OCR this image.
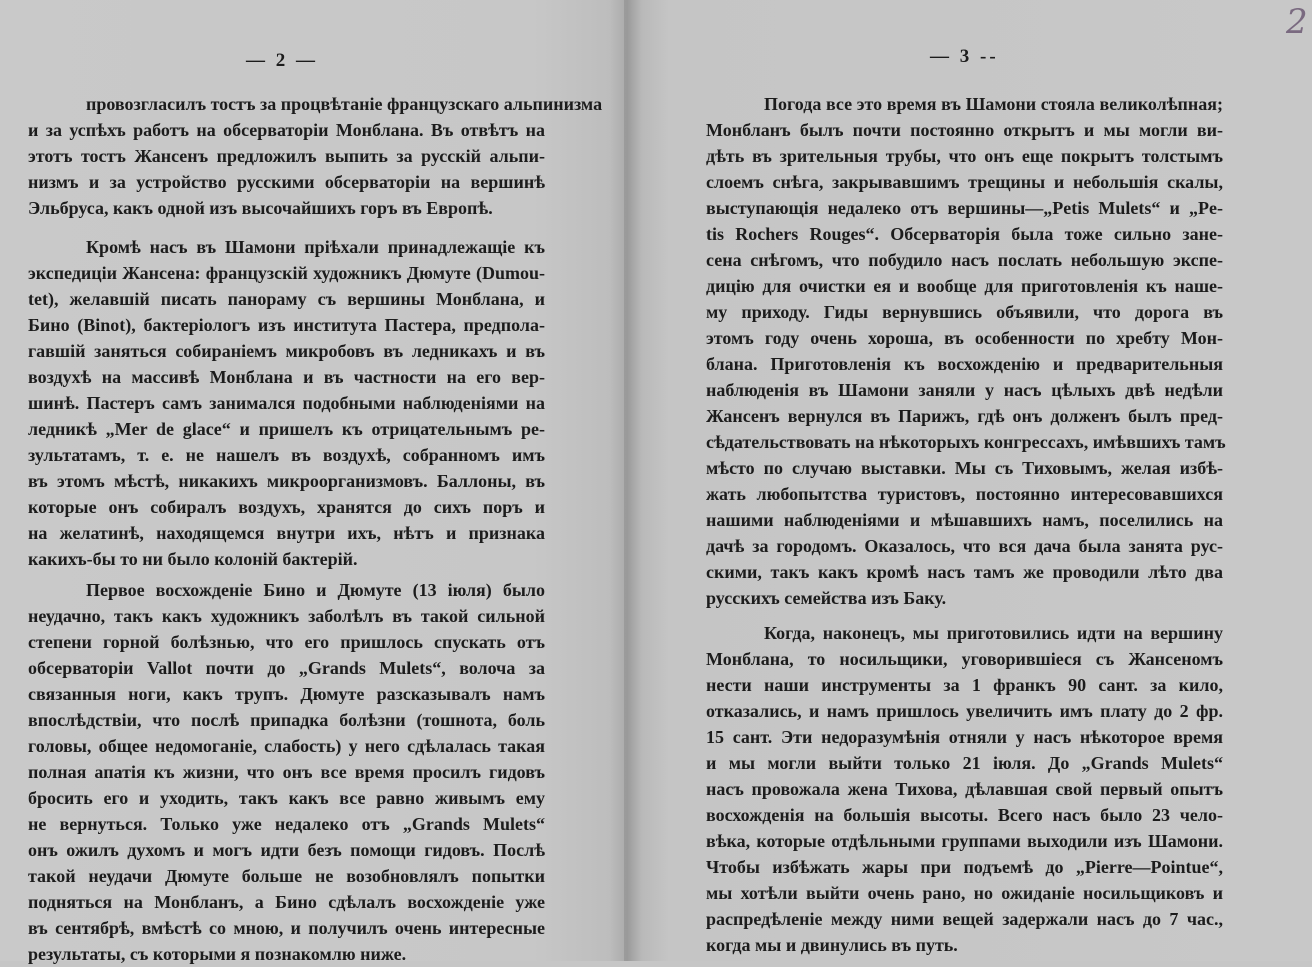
— 2 —
провозгласилъ тостъ за процвѣтаніе французскаго альпинизма
и за успѣхъ работъ на обсерваторіи Монблана. Въ отвѣтъ на
этотъ тостъ Жансенъ предложилъ выпить за русскій альпи-
низмъ и за устройство русскими обсерваторіи на вершинѣ
Эльбруса, какъ одной изъ высочайшихъ горъ въ Европѣ.
Кромѣ насъ въ Шамони пріѣхали принадлежащіе къ
экспедиціи Жансена: французскій художникъ Дюмуте (Dumou-
tet), желавшій писать панораму съ вершины Монблана, и
Бино (Binot), бактеріологъ изъ института Пастера, предпола-
гавшій заняться собираніемъ микробовъ въ ледникахъ и въ
воздухѣ на массивѣ Монблана и въ частности на его вер-
шинѣ. Пастеръ самъ занимался подобными наблюденіями на
ледникѣ „Mer de glace“ и пришелъ къ отрицательнымъ ре-
зультатамъ, т. е. не нашелъ въ воздухѣ, собранномъ имъ
въ этомъ мѣстѣ, никакихъ микроорганизмовъ. Баллоны, въ
которые онъ собиралъ воздухъ, хранятся до сихъ поръ и
на желатинѣ, находящемся внутри ихъ, нѣтъ и признака
какихъ-бы то ни было колоній бактерій.
Первое восхожденіе Бино и Дюмуте (13 іюля) было
неудачно, такъ какъ художникъ заболѣлъ въ такой сильной
степени горной болѣзнью, что его пришлось спускать отъ
обсерваторіи Vallot почти до „Grands Mulets“, волоча за
связанныя ноги, какъ трупъ. Дюмуте разсказывалъ намъ
впослѣдствіи, что послѣ припадка болѣзни (тошнота, боль
головы, общее недомоганіе, слабость) у него сдѣлалась такая
полная апатія къ жизни, что онъ все время просилъ гидовъ
бросить его и уходить, такъ какъ все равно живымъ ему
не вернуться. Только уже недалеко отъ „Grands Mulets“
онъ ожилъ духомъ и могъ идти безъ помощи гидовъ. Послѣ
такой неудачи Дюмуте больше не возобновлялъ попытки
подняться на Монбланъ, а Бино сдѣлалъ восхожденіе уже
въ сентябрѣ, вмѣстѣ со мною, и получилъ очень интересные
результаты, съ которыми я познакомлю ниже.
— 3 --
Погода все это время въ Шамони стояла великолѣпная;
Монбланъ былъ почти постоянно открытъ и мы могли ви-
дѣть въ зрительныя трубы, что онъ еще покрытъ толстымъ
слоемъ снѣга, закрывавшимъ трещины и небольшія скалы,
выступающія недалеко отъ вершины—„Petis Mulets“ и „Pe-
tis Rochers Rouges“. Обсерваторія была тоже сильно зане-
сена снѣгомъ, что побудило насъ послать небольшую экспе-
дицію для очистки ея и вообще для приготовленія къ наше-
му приходу. Гиды вернувшись объявили, что дорога въ
этомъ году очень хороша, въ особенности по хребту Мон-
блана. Приготовленія къ восхожденію и предварительныя
наблюденія въ Шамони заняли у насъ цѣлыхъ двѣ недѣли
Жансенъ вернулся въ Парижъ, гдѣ онъ долженъ былъ пред-
сѣдательствовать на нѣкоторыхъ конгрессахъ, имѣвшихъ тамъ
мѣсто по случаю выставки. Мы съ Тиховымъ, желая избѣ-
жать любопытства туристовъ, постоянно интересовавшихся
нашими наблюденіями и мѣшавшихъ намъ, поселились на
дачѣ за городомъ. Оказалось, что вся дача была занята рус-
скими, такъ какъ кромѣ насъ тамъ же проводили лѣто два
русскихъ семейства изъ Баку.
Когда, наконецъ, мы приготовились идти на вершину
Монблана, то носильщики, уговорившіеся съ Жансеномъ
нести наши инструменты за 1 франкъ 90 сант. за кило,
отказались, и намъ пришлось увеличить имъ плату до 2 фр.
15 сант. Эти недоразумѣнія отняли у насъ нѣкоторое время
и мы могли выйти только 21 іюля. До „Grands Mulets“
насъ провожала жена Тихова, дѣлавшая свой первый опытъ
восхожденія на большія высоты. Всего насъ было 23 чело-
вѣка, которые отдѣльными группами выходили изъ Шамони.
Чтобы избѣжать жары при подъемѣ до „Pierre—Pointue“,
мы хотѣли выйти очень рано, но ожиданіе носильщиковъ и
распредѣленіе между ними вещей задержали насъ до 7 час.,
когда мы и двинулись въ путь.
2
